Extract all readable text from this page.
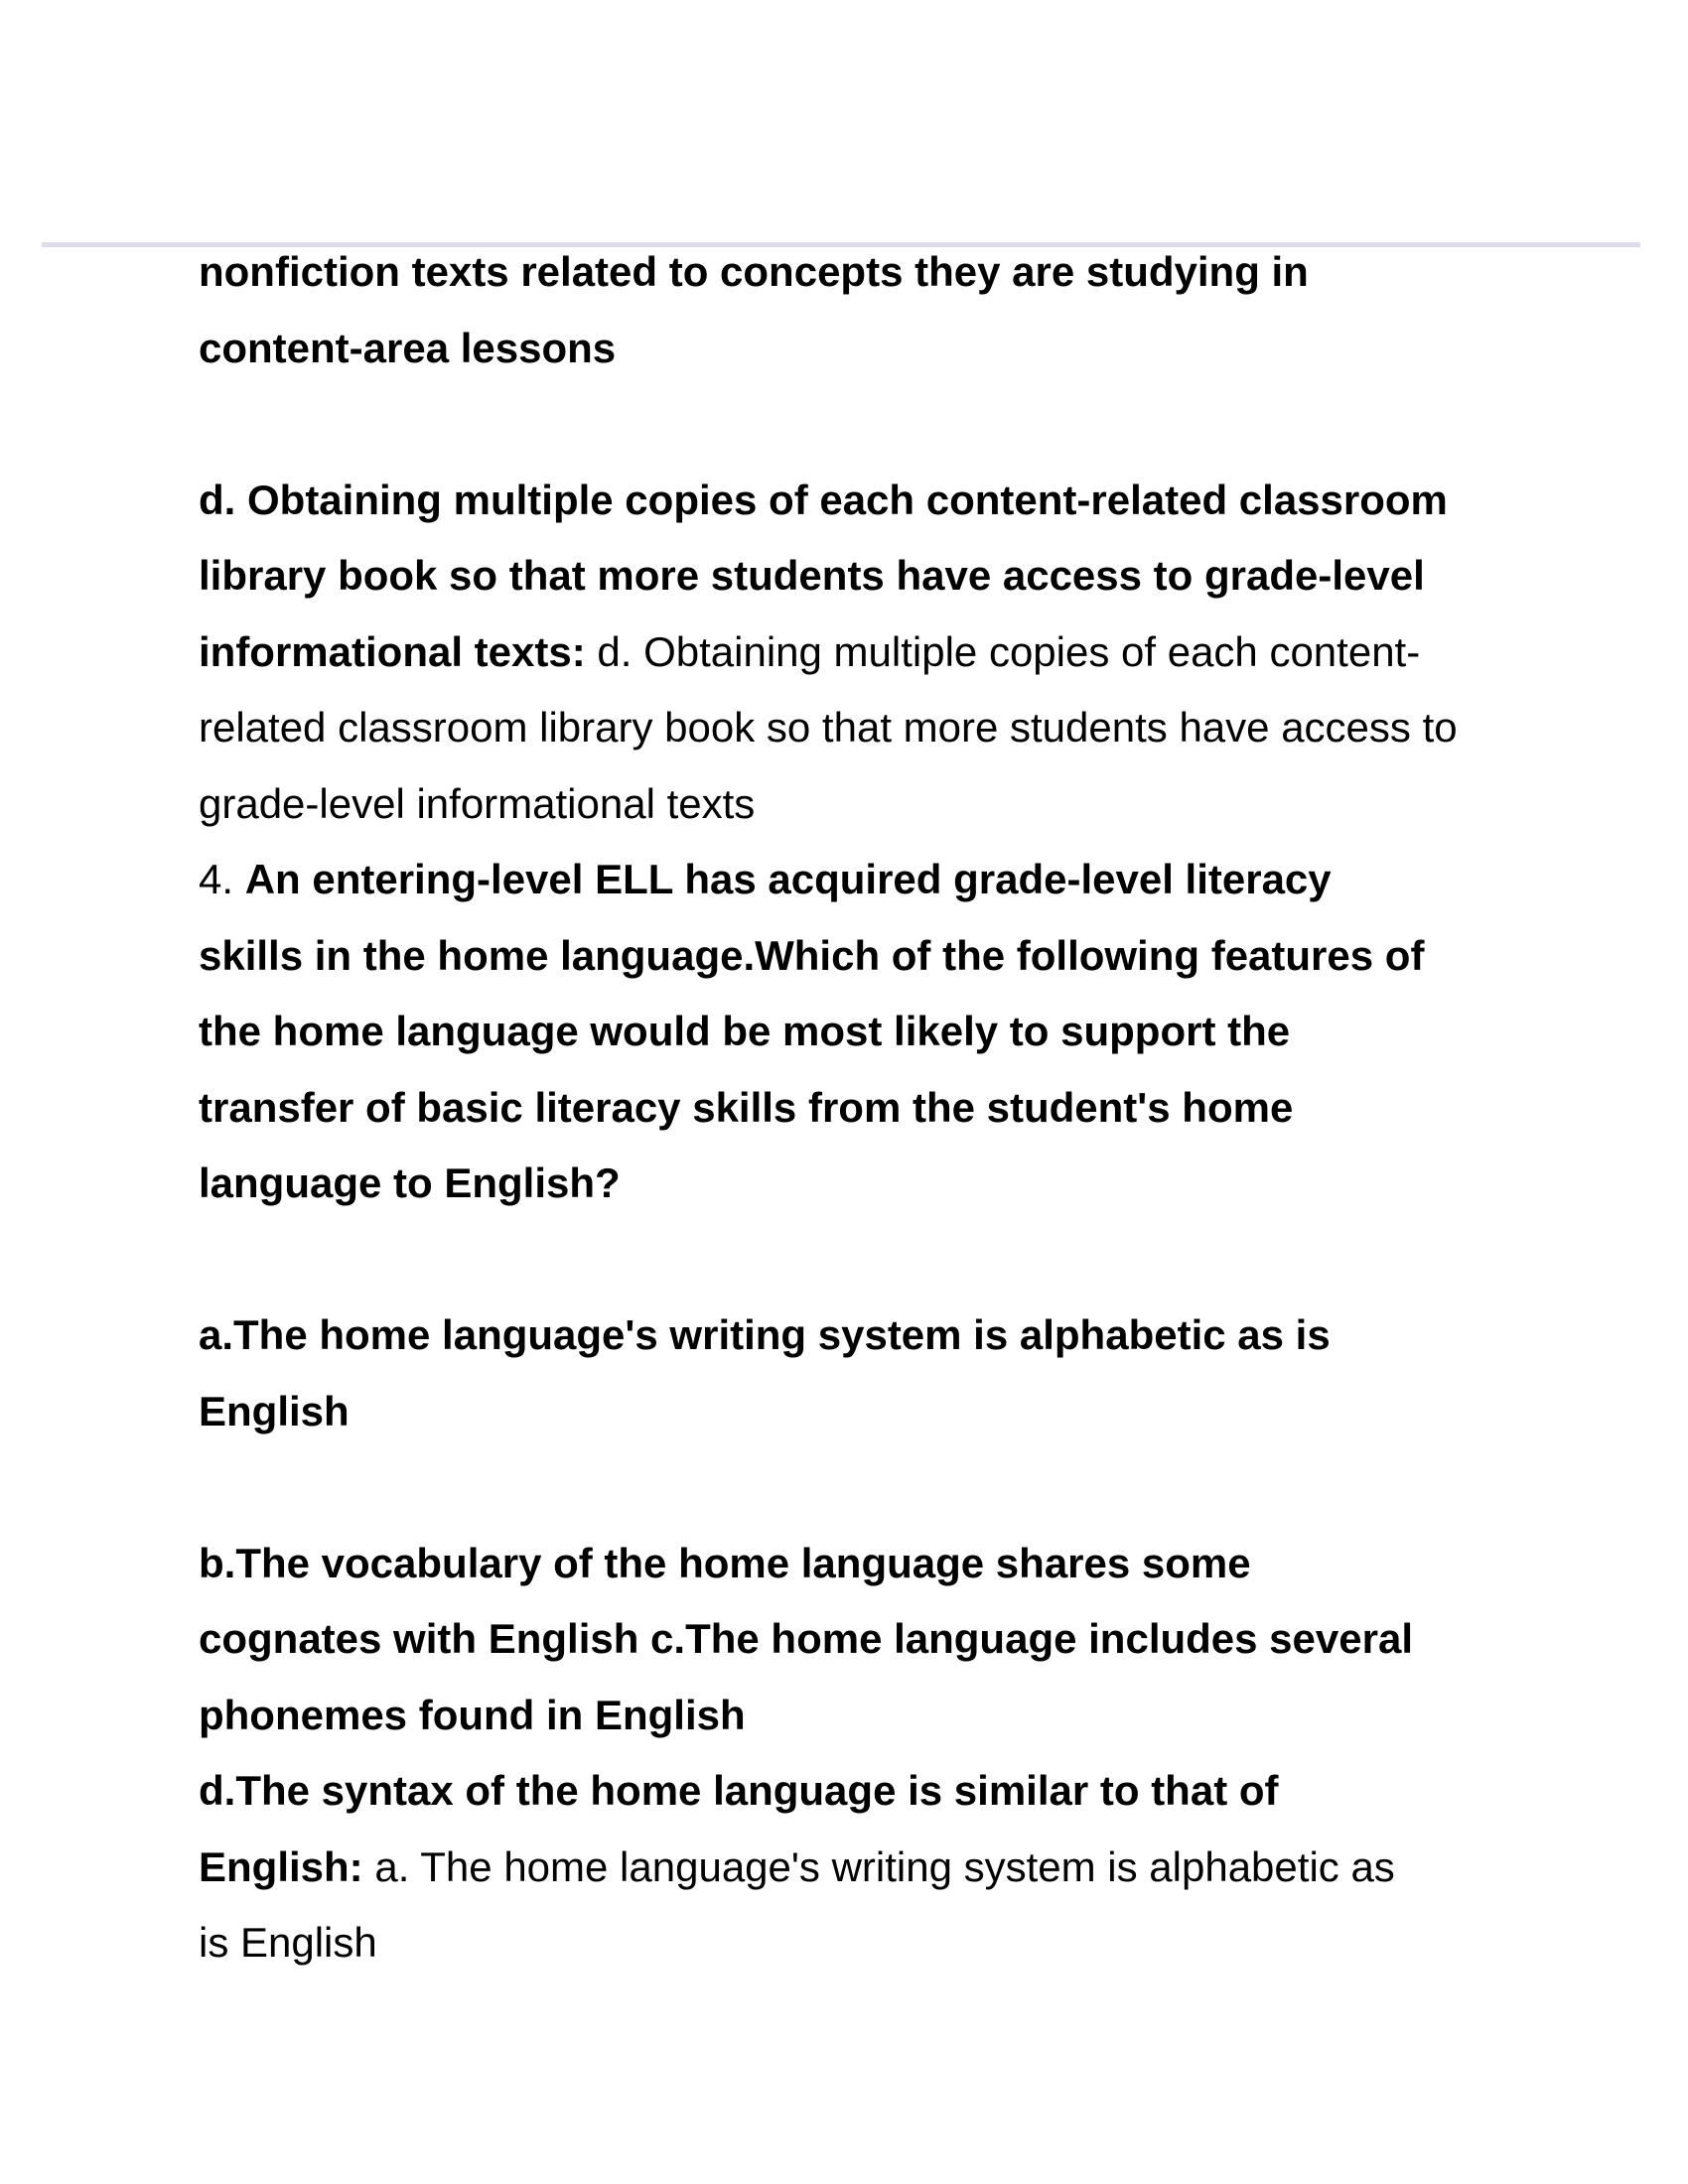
nonfiction texts related to concepts they are studying in

content-area lessons

d. Obtaining multiple copies of each content-related classroom

library book so that more students have access to grade-level

informational texts: d. Obtaining multiple copies of each content-

related classroom library book so that more students have access to

grade-level informational texts

4. An entering-level ELL has acquired grade-level literacy

skills in the home language.Which of the following features of

the home language would be most likely to support the

transfer of basic literacy skills from the student's home

language to English?

a.The home language's writing system is alphabetic as is

English

b.The vocabulary of the home language shares some

cognates with English c.The home language includes several

phonemes found in English

d.The syntax of the home language is similar to that of

English: a. The home language's writing system is alphabetic as

is English
